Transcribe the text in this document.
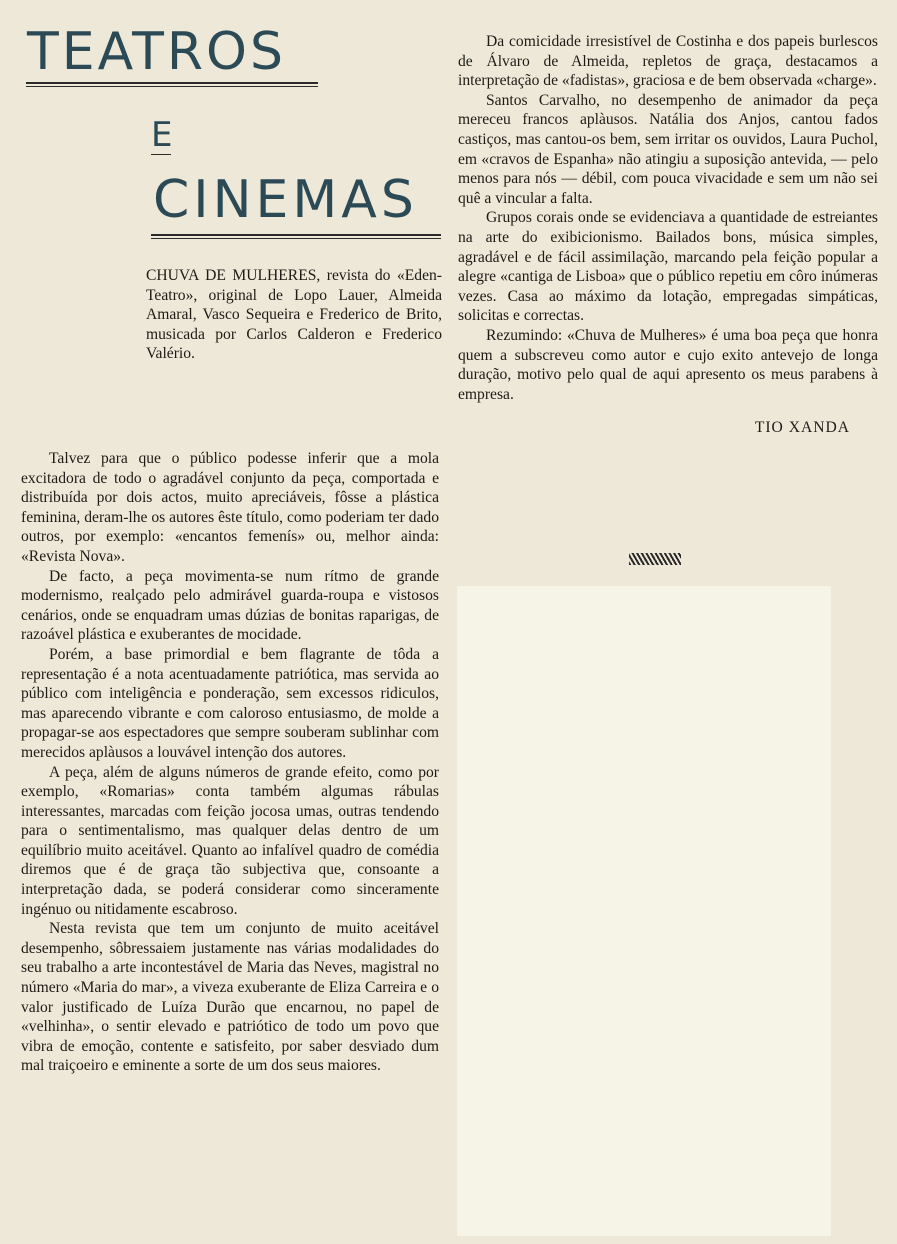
TEATROS
E
CINEMAS

CHUVA DE MULHERES, revista do «Eden-Teatro», original de Lopo Lauer, Almeida Amaral, Vasco Sequeira e Frederico de Brito, musicada por Carlos Calderon e Frederico Valério.

Talvez para que o público podesse inferir que a mola excitadora de todo o agradável conjunto da peça, comportada e distribuída por dois actos, muito apreciáveis, fôsse a plástica feminina, deram-lhe os autores êste título, como poderiam ter dado outros, por exemplo: «encantos femenís» ou, melhor ainda: «Revista Nova».

De facto, a peça movimenta-se num rítmo de grande modernismo, realçado pelo admirável guarda-roupa e vistosos cenários, onde se enquadram umas dúzias de bonitas raparigas, de razoável plástica e exuberantes de mocidade.

Porém, a base primordial e bem flagrante de tôda a representação é a nota acentuadamente patriótica, mas servida ao público com inteligência e ponderação, sem excessos ridiculos, mas aparecendo vibrante e com caloroso entusiasmo, de molde a propagar-se aos espectadores que sempre souberam sublinhar com merecidos aplàusos a louvável intenção dos autores.

A peça, além de alguns números de grande efeito, como por exemplo, «Romarias» conta também algumas rábulas interessantes, marcadas com feição jocosa umas, outras tendendo para o sentimentalismo, mas qualquer delas dentro de um equilíbrio muito aceitável. Quanto ao infalível quadro de comédia diremos que é de graça tão subjectiva que, consoante a interpretação dada, se poderá considerar como sinceramente ingénuo ou nitidamente escabroso.

Nesta revista que tem um conjunto de muito aceitável desempenho, sôbressaiem justamente nas várias modalidades do seu trabalho a arte incontestável de Maria das Neves, magistral no número «Maria do mar», a viveza exuberante de Eliza Carreira e o valor justificado de Luíza Durão que encarnou, no papel de «velhinha», o sentir elevado e patriótico de todo um povo que vibra de emoção, contente e satisfeito, por saber desviado dum mal traiçoeiro e eminente a sorte de um dos seus maiores.

Da comicidade irresistível de Costinha e dos papeis burlescos de Álvaro de Almeida, repletos de graça, destacamos a interpretação de «fadistas», graciosa e de bem observada «charge».

Santos Carvalho, no desempenho de animador da peça mereceu francos aplàusos. Natália dos Anjos, cantou fados castiços, mas cantou-os bem, sem irritar os ouvidos, Laura Puchol, em «cravos de Espanha» não atingiu a suposição antevida, — pelo menos para nós — débil, com pouca vivacidade e sem um não sei quê a vincular a falta.

Grupos corais onde se evidenciava a quantidade de estreiantes na arte do exibicionismo. Bailados bons, música simples, agradável e de fácil assimilação, marcando pela feição popular a alegre «cantiga de Lisboa» que o público repetiu em côro inúmeras vezes. Casa ao máximo da lotação, empregadas simpáticas, solicitas e correctas.

Rezumindo: «Chuva de Mulheres» é uma boa peça que honra quem a subscreveu como autor e cujo exito antevejo de longa duração, motivo pelo qual de aqui apresento os meus parabens à empresa.

TIO XANDA
